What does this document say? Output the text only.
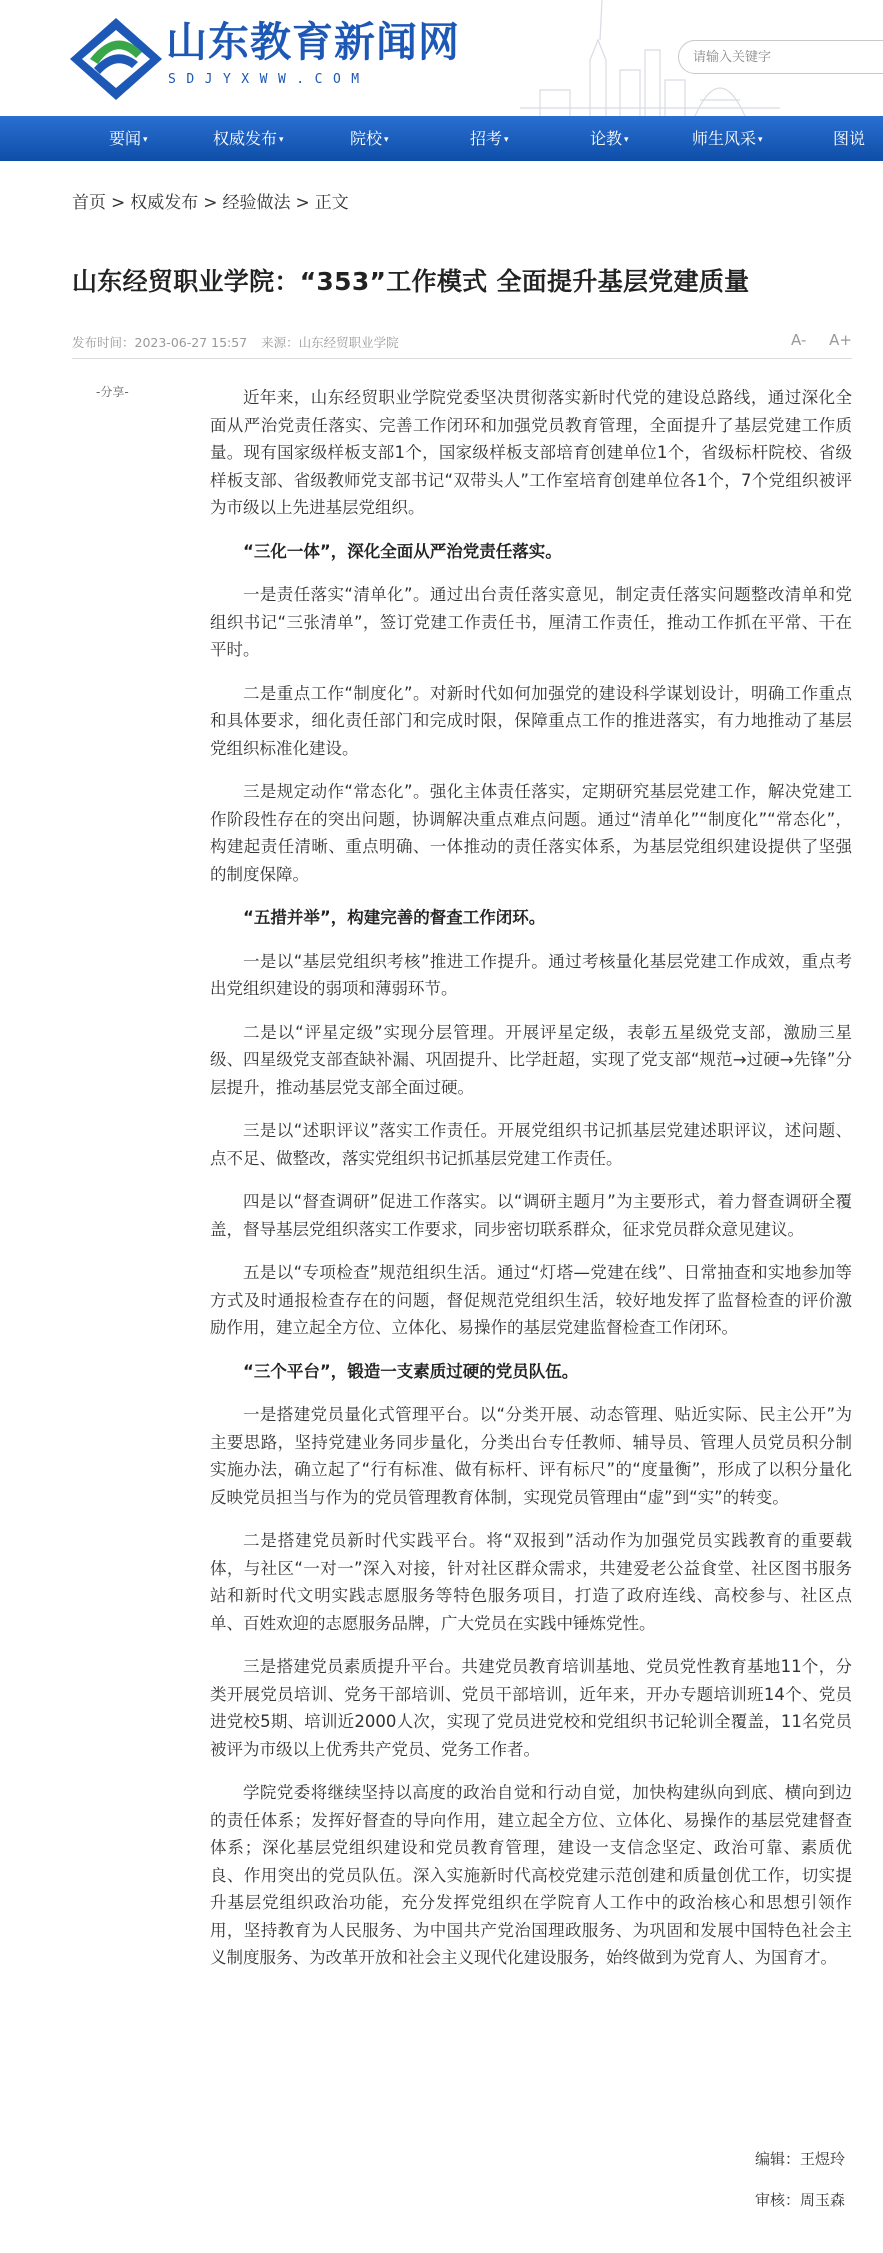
山东教育新闻网
SDJYXWW.COM
请输入关键字
要闻 ▾	权威发布 ▾	院校 ▾	招考 ▾	论教 ▾	师生风采 ▾	图说
首页 > 权威发布 > 经验做法 > 正文
山东经贸职业学院：“353”工作模式 全面提升基层党建质量
发布时间：2023-06-27 15:57 来源：山东经贸职业学院	A- A+
-分享-	近年来，山东经贸职业学院党委坚决贯彻落实新时代党的建设总路线，通过深化全面从严治党责任落实、完善工作闭环和加强党员教育管理，全面提升了基层党建工作质量。现有国家级样板支部1个，国家级样板支部培育创建单位1个，省级标杆院校、省级样板支部、省级教师党支部书记“双带头人”工作室培育创建单位各1个，7个党组织被评为市级以上先进基层党组织。

“三化一体”，深化全面从严治党责任落实。

一是责任落实“清单化”。通过出台责任落实意见，制定责任落实问题整改清单和党组织书记“三张清单”，签订党建工作责任书，厘清工作责任，推动工作抓在平常、干在平时。

二是重点工作“制度化”。对新时代如何加强党的建设科学谋划设计，明确工作重点和具体要求，细化责任部门和完成时限，保障重点工作的推进落实，有力地推动了基层党组织标准化建设。

三是规定动作“常态化”。强化主体责任落实，定期研究基层党建工作，解决党建工作阶段性存在的突出问题，协调解决重点难点问题。通过“清单化”“制度化”“常态化”，构建起责任清晰、重点明确、一体推动的责任落实体系，为基层党组织建设提供了坚强的制度保障。

“五措并举”，构建完善的督查工作闭环。

一是以“基层党组织考核”推进工作提升。通过考核量化基层党建工作成效，重点考出党组织建设的弱项和薄弱环节。

二是以“评星定级”实现分层管理。开展评星定级，表彰五星级党支部，激励三星级、四星级党支部查缺补漏、巩固提升、比学赶超，实现了党支部“规范→过硬→先锋”分层提升，推动基层党支部全面过硬。

三是以“述职评议”落实工作责任。开展党组织书记抓基层党建述职评议，述问题、点不足、做整改，落实党组织书记抓基层党建工作责任。

四是以“督查调研”促进工作落实。以“调研主题月”为主要形式，着力督查调研全覆盖，督导基层党组织落实工作要求，同步密切联系群众，征求党员群众意见建议。

五是以“专项检查”规范组织生活。通过“灯塔—党建在线”、日常抽查和实地参加等方式及时通报检查存在的问题，督促规范党组织生活，较好地发挥了监督检查的评价激励作用，建立起全方位、立体化、易操作的基层党建监督检查工作闭环。

“三个平台”，锻造一支素质过硬的党员队伍。

一是搭建党员量化式管理平台。以“分类开展、动态管理、贴近实际、民主公开”为主要思路，坚持党建业务同步量化，分类出台专任教师、辅导员、管理人员党员积分制实施办法，确立起了“行有标准、做有标杆、评有标尺”的“度量衡”，形成了以积分量化反映党员担当与作为的党员管理教育体制，实现党员管理由“虚”到“实”的转变。

二是搭建党员新时代实践平台。将“双报到”活动作为加强党员实践教育的重要载体，与社区“一对一”深入对接，针对社区群众需求，共建爱老公益食堂、社区图书服务站和新时代文明实践志愿服务等特色服务项目，打造了政府连线、高校参与、社区点单、百姓欢迎的志愿服务品牌，广大党员在实践中锤炼党性。

三是搭建党员素质提升平台。共建党员教育培训基地、党员党性教育基地11个，分类开展党员培训、党务干部培训、党员干部培训，近年来，开办专题培训班14个、党员进党校5期、培训近2000人次，实现了党员进党校和党组织书记轮训全覆盖，11名党员被评为市级以上优秀共产党员、党务工作者。

学院党委将继续坚持以高度的政治自觉和行动自觉，加快构建纵向到底、横向到边的责任体系；发挥好督查的导向作用，建立起全方位、立体化、易操作的基层党建督查体系；深化基层党组织建设和党员教育管理，建设一支信念坚定、政治可靠、素质优良、作用突出的党员队伍。深入实施新时代高校党建示范创建和质量创优工作，切实提升基层党组织政治功能，充分发挥党组织在学院育人工作中的政治核心和思想引领作用，坚持教育为人民服务、为中国共产党治国理政服务、为巩固和发展中国特色社会主义制度服务、为改革开放和社会主义现代化建设服务，始终做到为党育人、为国育才。

编辑：王煜玲
审核：周玉森
